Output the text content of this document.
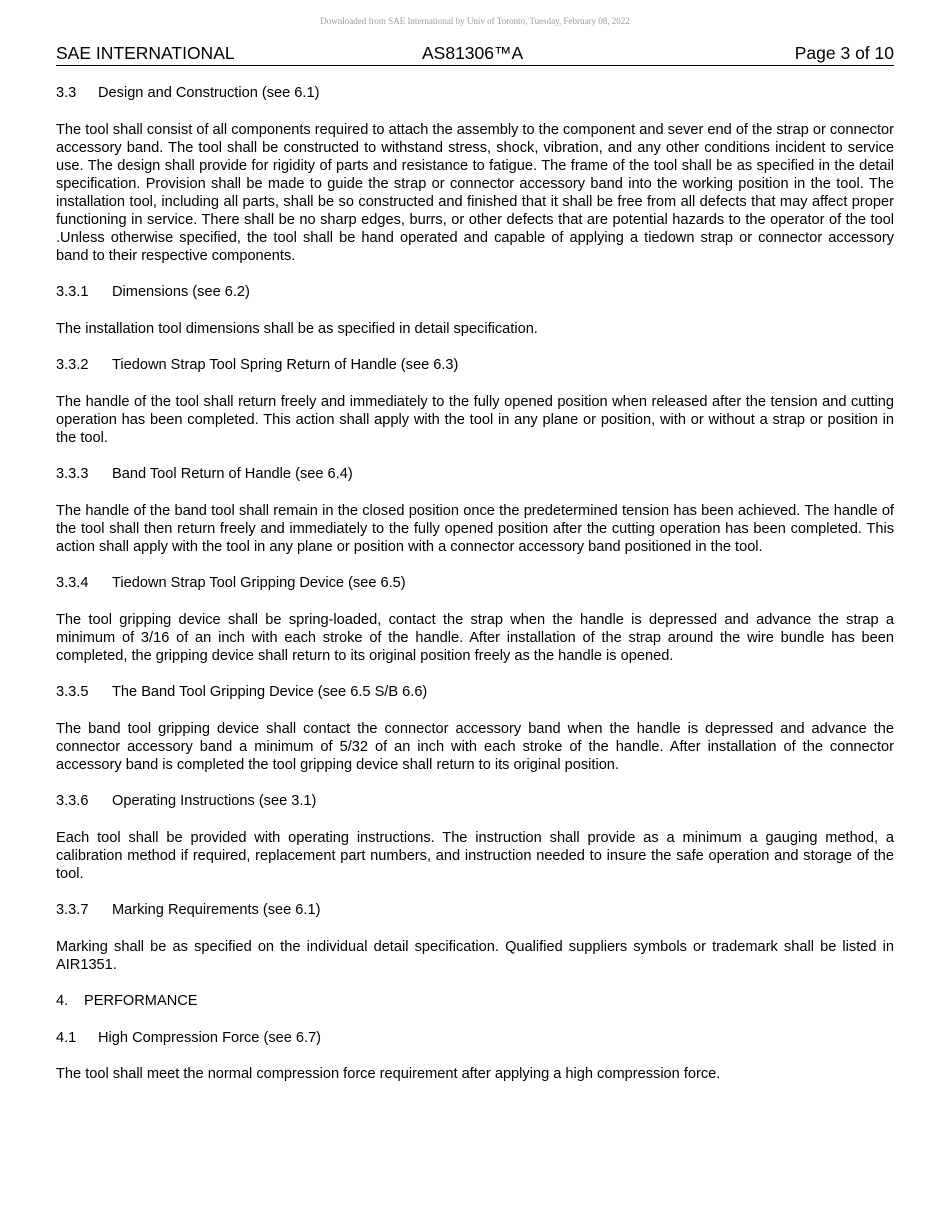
Downloaded from SAE International by Univ of Toronto, Tuesday, February 08, 2022
SAE INTERNATIONAL	AS81306™A	Page 3 of 10
3.3 Design and Construction (see 6.1)

The tool shall consist of all components required to attach the assembly to the component and sever end of the strap or connector accessory band. The tool shall be constructed to withstand stress, shock, vibration, and any other conditions incident to service use. The design shall provide for rigidity of parts and resistance to fatigue. The frame of the tool shall be as specified in the detail specification. Provision shall be made to guide the strap or connector accessory band into the working position in the tool. The installation tool, including all parts, shall be so constructed and finished that it shall be free from all defects that may affect proper functioning in service. There shall be no sharp edges, burrs, or other defects that are potential hazards to the operator of the tool .Unless otherwise specified, the tool shall be hand operated and capable of applying a tiedown strap or connector accessory band to their respective components.

3.3.1 Dimensions (see 6.2)

The installation tool dimensions shall be as specified in detail specification.

3.3.2 Tiedown Strap Tool Spring Return of Handle (see 6.3)

The handle of the tool shall return freely and immediately to the fully opened position when released after the tension and cutting operation has been completed. This action shall apply with the tool in any plane or position, with or without a strap or position in the tool.

3.3.3 Band Tool Return of Handle (see 6.4)

The handle of the band tool shall remain in the closed position once the predetermined tension has been achieved. The handle of the tool shall then return freely and immediately to the fully opened position after the cutting operation has been completed. This action shall apply with the tool in any plane or position with a connector accessory band positioned in the tool.

3.3.4 Tiedown Strap Tool Gripping Device (see 6.5)

The tool gripping device shall be spring-loaded, contact the strap when the handle is depressed and advance the strap a minimum of 3/16 of an inch with each stroke of the handle. After installation of the strap around the wire bundle has been completed, the gripping device shall return to its original position freely as the handle is opened.

3.3.5 The Band Tool Gripping Device (see 6.5 S/B 6.6)

The band tool gripping device shall contact the connector accessory band when the handle is depressed and advance the connector accessory band a minimum of 5/32 of an inch with each stroke of the handle. After installation of the connector accessory band is completed the tool gripping device shall return to its original position.

3.3.6 Operating Instructions (see 3.1)

Each tool shall be provided with operating instructions. The instruction shall provide as a minimum a gauging method, a calibration method if required, replacement part numbers, and instruction needed to insure the safe operation and storage of the tool.

3.3.7 Marking Requirements (see 6.1)

Marking shall be as specified on the individual detail specification. Qualified suppliers symbols or trademark shall be listed in AIR1351.

4. PERFORMANCE
4.1 High Compression Force (see 6.7)

The tool shall meet the normal compression force requirement after applying a high compression force.
